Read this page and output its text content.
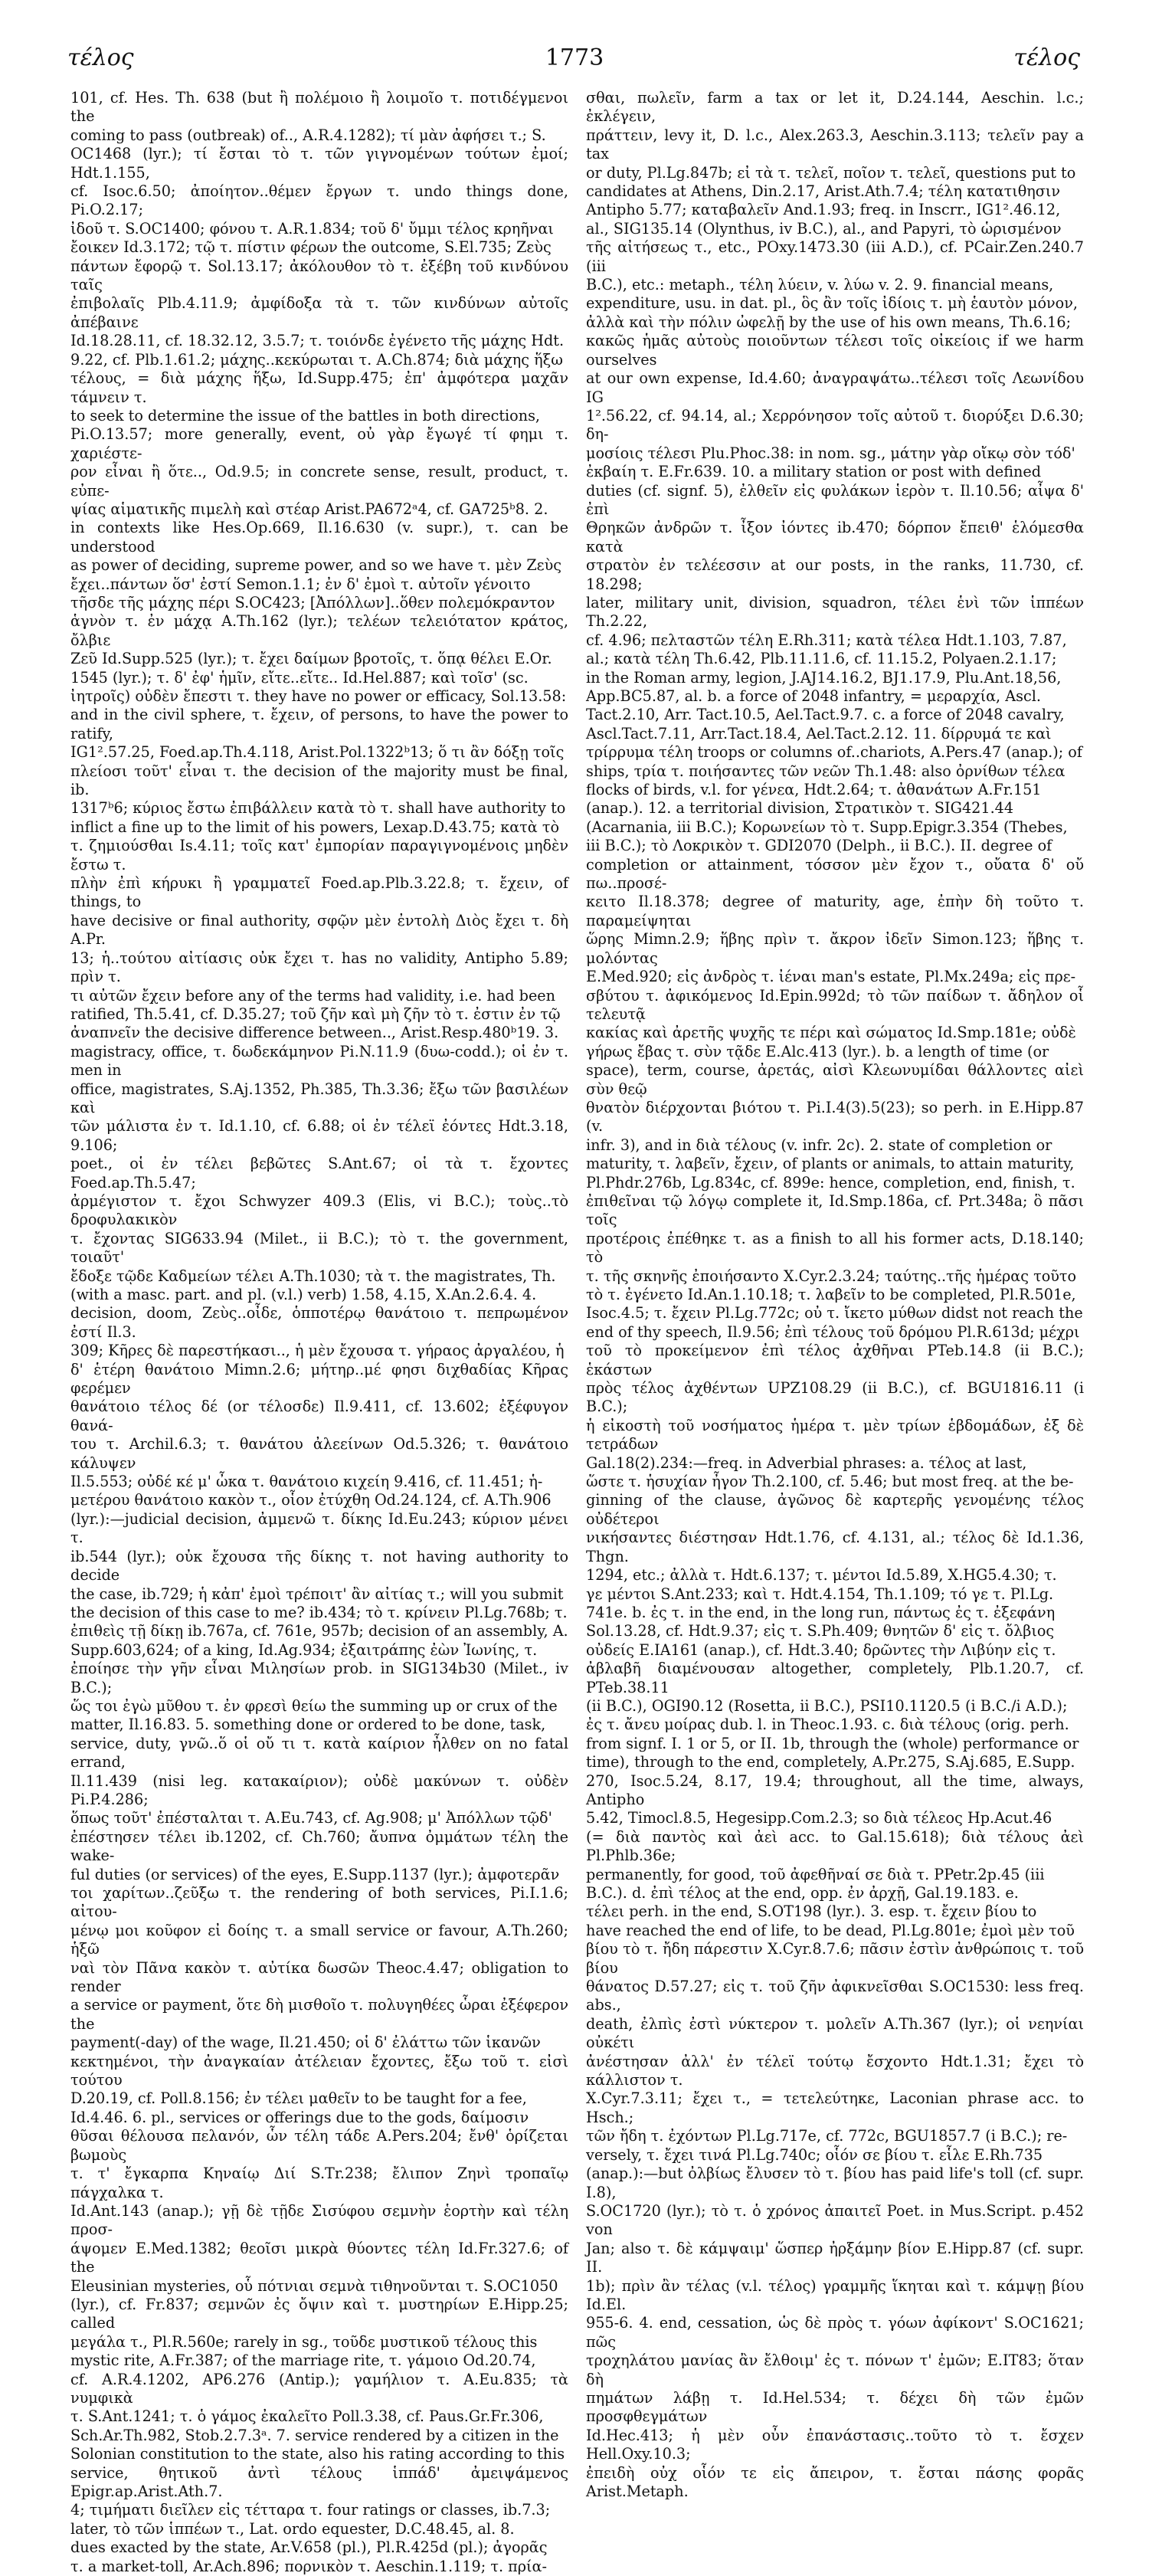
1773
τέλος	τέλος

101, cf. Hes. Th. 638 (but ἢ πολέμοιο ἢ λοιμοῖο τ. ποτιδέγμενοι the

coming to pass (outbreak) of.., A.R.4.1282); τί μὰν ἀφήσει τ.; S.

OC1468 (lyr.); τί ἔσται τὸ τ. τῶν γιγνομένων τούτων ἐμοί; Hdt.1.155,

cf. Isoc.6.50; ἀποίητον..θέμεν ἔργων τ. undo things done, Pi.O.2.17;

ἰδοῦ τ. S.OC1400; φόνου τ. A.R.1.834; τοῦ δ' ὔμμι τέλος κρηῆναι

ἔοικεν Id.3.172; τῷ τ. πίστιν φέρων the outcome, S.El.735; Ζεὺς

πάντων ἔφορῷ τ. Sol.13.17; ἀκόλουθον τὸ τ. ἐξέβη τοῦ κινδύνου ταῖς

ἐπιβολαῖς Plb.4.11.9; ἀμφίδοξα τὰ τ. τῶν κινδύνων αὐτοῖς ἀπέβαινε

Id.18.28.11, cf. 18.32.12, 3.5.7; τ. τοιόνδε ἐγένετο τῆς μάχης Hdt.

9.22, cf. Plb.1.61.2; μάχης..κεκύρωται τ. A.Ch.874; διὰ μάχης ἥξω

τέλους, = διὰ μάχης ἥξω, Id.Supp.475; ἐπ' ἀμφότερα μαχᾶν τάμνειν τ.

to seek to determine the issue of the battles in both directions,

Pi.O.13.57; more generally, event, οὐ γὰρ ἔγωγέ τί φημι τ. χαριέστε-

ρον εἶναι ἢ ὅτε.., Od.9.5; in concrete sense, result, product, τ. εὐπε-

ψίας αἱματικῆς πιμελὴ καὶ στέαρ Arist.PA672ᵃ4, cf. GA725ᵇ8. 2.

in contexts like Hes.Op.669, Il.16.630 (v. supr.), τ. can be understood

as power of deciding, supreme power, and so we have τ. μὲν Ζεὺς

ἔχει..πάντων ὅσ' ἐστί Semon.1.1; ἐν δ' ἐμοὶ τ. αὐτοῖν γένοιτο

τῆσδε τῆς μάχης πέρι S.OC423; [Ἀπόλλων]..ὅθεν πολεμόκραντον

ἁγνὸν τ. ἐν μάχᾳ A.Th.162 (lyr.); τελέων τελειότατον κράτος, ὄλβιε

Ζεῦ Id.Supp.525 (lyr.); τ. ἔχει δαίμων βροτοῖς, τ. ὅπᾳ θέλει E.Or.

1545 (lyr.); τ. δ' ἐφ' ἡμῖν, εἴτε..εἴτε.. Id.Hel.887; καὶ τοῖσ' (sc.

ἰητροῖς) οὐδὲν ἔπεστι τ. they have no power or efficacy, Sol.13.58:

and in the civil sphere, τ. ἔχειν, of persons, to have the power to ratify,

IG1².57.25, Foed.ap.Th.4.118, Arist.Pol.1322ᵇ13; ὅ τι ἂν δόξῃ τοῖς

πλείοσι τοῦτ' εἶναι τ. the decision of the majority must be final, ib.

1317ᵇ6; κύριος ἔστω ἐπιβάλλειν κατὰ τὸ τ. shall have authority to

inflict a fine up to the limit of his powers, Lexap.D.43.75; κατὰ τὸ

τ. ζημιούσθαι Is.4.11; τοῖς κατ' ἐμπορίαν παραγιγνομένοις μηδὲν ἔστω τ.

πλὴν ἐπὶ κήρυκι ἢ γραμματεῖ Foed.ap.Plb.3.22.8; τ. ἔχειν, of things, to

have decisive or final authority, σφῷν μὲν ἐντολὴ Διὸς ἔχει τ. δὴ A.Pr.

13; ἡ..τούτου αἰτίασις οὐκ ἔχει τ. has no validity, Antipho 5.89; πρὶν τ.

τι αὐτῶν ἔχειν before any of the terms had validity, i.e. had been

ratified, Th.5.41, cf. D.35.27; τοῦ ζῆν καὶ μὴ ζῆν τὸ τ. ἐστιν ἐν τῷ

ἀναπνεῖν the decisive difference between.., Arist.Resp.480ᵇ19. 3.

magistracy, office, τ. δωδεκάμηνον Pi.N.11.9 (δυω-codd.); οἱ ἐν τ. men in

office, magistrates, S.Aj.1352, Ph.385, Th.3.36; ἔξω τῶν βασιλέων καὶ

τῶν μάλιστα ἐν τ. Id.1.10, cf. 6.88; οἱ ἐν τέλεϊ ἐόντες Hdt.3.18, 9.106;

poet., οἱ ἐν τέλει βεβῶτες S.Ant.67; οἱ τὰ τ. ἔχοντες Foed.ap.Th.5.47;

ἀρμέγιστον τ. ἔχοι Schwyzer 409.3 (Elis, vi B.C.); τοὺς..τὸ δροφυλακικὸν

τ. ἔχοντας SIG633.94 (Milet., ii B.C.); τὸ τ. the government, τοιαῦτ'

ἔδοξε τῷδε Καδμείων τέλει A.Th.1030; τὰ τ. the magistrates, Th.

(with a masc. part. and pl. (v.l.) verb) 1.58, 4.15, X.An.2.6.4. 4.

decision, doom, Ζεὺς..οἶδε, ὁπποτέρῳ θανάτοιο τ. πεπρωμένον ἐστί Il.3.

309; Κῆρες δὲ παρεστήκασι.., ἡ μὲν ἔχουσα τ. γήραος ἀργαλέου, ἡ

δ' ἑτέρη θανάτοιο Mimn.2.6; μήτηρ..μέ φησι διχθαδίας Κῆρας φερέμεν

θανάτοιο τέλος δέ (or τέλοσδε) Il.9.411, cf. 13.602; ἐξέφυγον θανά-

του τ. Archil.6.3; τ. θανάτου ἀλεείνων Od.5.326; τ. θανάτοιο κάλυψεν

Il.5.553; οὐδέ κέ μ' ὦκα τ. θανάτοιο κιχείη 9.416, cf. 11.451; ἡ-

μετέρου θανάτοιο κακὸν τ., οἷον ἐτύχθη Od.24.124, cf. A.Th.906

(lyr.):—judicial decision, ἀμμενῶ τ. δίκης Id.Eu.243; κύριον μένει τ.

ib.544 (lyr.); οὐκ ἔχουσα τῆς δίκης τ. not having authority to decide

the case, ib.729; ἡ κἀπ' ἐμοὶ τρέποιτ' ἂν αἰτίας τ.; will you submit

the decision of this case to me? ib.434; τὸ τ. κρίνειν Pl.Lg.768b; τ.

ἐπιθεὶς τῇ δίκῃ ib.767a, cf. 761e, 957b; decision of an assembly, A.

Supp.603,624; of a king, Id.Ag.934; ἐξαιτράπης ἐὼν Ἰωνίης, τ.

ἐποίησε τὴν γῆν εἶναι Μιλησίων prob. in SIG134b30 (Milet., iv B.C.);

ὥς τοι ἐγὼ μῦθου τ. ἐν φρεσὶ θείω the summing up or crux of the

matter, Il.16.83. 5. something done or ordered to be done, task,

service, duty, γνῶ..ὅ οἱ οὔ τι τ. κατὰ καίριον ἦλθεν on no fatal errand,

Il.11.439 (nisi leg. κατακαίριον); οὐδὲ μακύνων τ. οὐδὲν Pi.P.4.286;

ὅπως τοῦτ' ἐπέσταλται τ. A.Eu.743, cf. Ag.908; μ' Ἀπόλλων τῷδ'

ἐπέστησεν τέλει ib.1202, cf. Ch.760; ἄυπνα ὀμμάτων τέλη the wake-

ful duties (or services) of the eyes, E.Supp.1137 (lyr.); ἀμφοτερᾶν

τοι χαρίτων..ζεῦξω τ. the rendering of both services, Pi.I.1.6; αἰτου-

μένῳ μοι κοῦφον εἰ δοίης τ. a small service or favour, A.Th.260; ἡξῶ

ναὶ τὸν Πᾶνα κακὸν τ. αὐτίκα δωσῶν Theoc.4.47; obligation to render

a service or payment, ὅτε δὴ μισθοῖο τ. πολυγηθέες ὧραι ἐξέφερον the

payment(-day) of the wage, Il.21.450; οἱ δ' ἐλάττω τῶν ἱκανῶν

κεκτημένοι, τὴν ἀναγκαίαν ἀτέλειαν ἔχοντες, ἔξω τοῦ τ. εἰσὶ τούτου

D.20.19, cf. Poll.8.156; ἐν τέλει μαθεῖν to be taught for a fee,

Id.4.46. 6. pl., services or offerings due to the gods, δαίμοσιν

θῦσαι θέλουσα πελανόν, ὧν τέλη τάδε A.Pers.204; ἔνθ' ὁρίζεται βωμοὺς

τ. τ' ἔγκαρπα Κηναίῳ Διί S.Tr.238; ἔλιπον Ζηνὶ τροπαῖῳ πάγχαλκα τ.

Id.Ant.143 (anap.); γῇ δὲ τῇδε Σισύφου σεμνὴν ἑορτὴν καὶ τέλη προσ-

άψομεν E.Med.1382; θεοῖσι μικρὰ θύοντες τέλη Id.Fr.327.6; of the

Eleusinian mysteries, οὗ πότνιαι σεμνὰ τιθηνοῦνται τ. S.OC1050

(lyr.), cf. Fr.837; σεμνῶν ἐς ὄψιν καὶ τ. μυστηρίων E.Hipp.25; called

μεγάλα τ., Pl.R.560e; rarely in sg., τοῦδε μυστικοῦ τέλους this

mystic rite, A.Fr.387; of the marriage rite, τ. γάμοιο Od.20.74,

cf. A.R.4.1202, AP6.276 (Antip.); γαμήλιον τ. A.Eu.835; τὰ νυμφικὰ

τ. S.Ant.1241; τ. ὁ γάμος ἐκαλεῖτο Poll.3.38, cf. Paus.Gr.Fr.306,

Sch.Ar.Th.982, Stob.2.7.3ᵃ. 7. service rendered by a citizen in the

Solonian constitution to the state, also his rating according to this

service, θητικοῦ ἀντὶ τέλους ἱππάδ' ἀμειψάμενος Epigr.ap.Arist.Ath.7.

4; τιμήματι διεῖλεν εἰς τέτταρα τ. four ratings or classes, ib.7.3;

later, τὸ τῶν ἱππέων τ., Lat. ordo equester, D.C.48.45, al. 8.

dues exacted by the state, Ar.V.658 (pl.), Pl.R.425d (pl.); ἀγορᾶς

τ. a market-toll, Ar.Ach.896; πορνικὸν τ. Aeschin.1.119; τ. πρία-

σθαι, πωλεῖν, farm a tax or let it, D.24.144, Aeschin. l.c.; ἐκλέγειν,

πράττειν, levy it, D. l.c., Alex.263.3, Aeschin.3.113; τελεῖν pay a tax

or duty, Pl.Lg.847b; εἰ τὰ τ. τελεῖ, ποῖον τ. τελεῖ, questions put to

candidates at Athens, Din.2.17, Arist.Ath.7.4; τέλη κατατιθησιν

Antipho 5.77; καταβαλεῖν And.1.93; freq. in Inscrr., IG1².46.12,

al., SIG135.14 (Olynthus, iv B.C.), al., and Papyri, τὸ ὡρισμένον

τῆς αἰτήσεως τ., etc., POxy.1473.30 (iii A.D.), cf. PCair.Zen.240.7 (iii

B.C.), etc.: metaph., τέλη λύειν, v. λύω v. 2. 9. financial means,

expenditure, usu. in dat. pl., ὃς ἂν τοῖς ἰδίοις τ. μὴ ἑαυτὸν μόνον,

ἀλλὰ καὶ τὴν πόλιν ὠφελῇ by the use of his own means, Th.6.16;

κακῶς ἡμᾶς αὐτοὺς ποιοῦντων τέλεσι τοῖς οἰκείοις if we harm ourselves

at our own expense, Id.4.60; ἀναγραψάτω..τέλεσι τοῖς Λεωνίδου IG

1².56.22, cf. 94.14, al.; Χερρόνησον τοῖς αὐτοῦ τ. διορύξει D.6.30; δη-

μοσίοις τέλεσι Plu.Phoc.38: in nom. sg., μάτην γὰρ οἴκῳ σὸν τόδ'

ἐκβαίη τ. E.Fr.639. 10. a military station or post with defined

duties (cf. signf. 5), ἐλθεῖν εἰς φυλάκων ἱερὸν τ. Il.10.56; αἶψα δ' ἐπὶ

Θρηκῶν ἀνδρῶν τ. ἶξον ἰόντες ib.470; δόρπον ἔπειθ' ἑλόμεσθα κατὰ

στρατὸν ἐν τελέεσσιν at our posts, in the ranks, 11.730, cf. 18.298;

later, military unit, division, squadron, τέλει ἑνὶ τῶν ἱππέων Th.2.22,

cf. 4.96; πελταστῶν τέλη E.Rh.311; κατὰ τέλεα Hdt.1.103, 7.87,

al.; κατὰ τέλη Th.6.42, Plb.11.11.6, cf. 11.15.2, Polyaen.2.1.17;

in the Roman army, legion, J.AJ14.16.2, BJ1.17.9, Plu.Ant.18,56,

App.BC5.87, al. b. a force of 2048 infantry, = μεραρχία, Ascl.

Tact.2.10, Arr. Tact.10.5, Ael.Tact.9.7. c. a force of 2048 cavalry,

Ascl.Tact.7.11, Arr.Tact.18.4, Ael.Tact.2.12. 11. δίρρυμά τε καὶ

τρίρρυμα τέλη troops or columns of..chariots, A.Pers.47 (anap.); of

ships, τρία τ. ποιήσαντες τῶν νεῶν Th.1.48: also ὀρνίθων τέλεα

flocks of birds, v.l. for γένεα, Hdt.2.64; τ. ἀθανάτων A.Fr.151

(anap.). 12. a territorial division, Στρατικὸν τ. SIG421.44

(Acarnania, iii B.C.); Κορωνείων τὸ τ. Supp.Epigr.3.354 (Thebes,

iii B.C.); τὸ Λοκρικὸν τ. GDI2070 (Delph., ii B.C.). II. degree of

completion or attainment, τόσσον μὲν ἔχον τ., οὔατα δ' οὔ πω..προσέ-

κειτο Il.18.378; degree of maturity, age, ἐπὴν δὴ τοῦτο τ. παραμείψηται

ὥρης Mimn.2.9; ἥβης πρὶν τ. ἄκρον ἰδεῖν Simon.123; ἥβης τ. μολόντας

E.Med.920; εἰς ἀνδρὸς τ. ἰέναι man's estate, Pl.Mx.249a; εἰς πρε-

σβύτου τ. ἀφικόμενος Id.Epin.992d; τὸ τῶν παίδων τ. ἄδηλον οἷ τελευτᾷ

κακίας καὶ ἀρετῆς ψυχῆς τε πέρι καὶ σώματος Id.Smp.181e; οὐδὲ

γήρως ἔβας τ. σὺν τᾷδε E.Alc.413 (lyr.). b. a length of time (or

space), term, course, ἀρετάς, αἰσὶ Κλεωνυμίδαι θάλλοντες αἰεὶ σὺν θεῷ

θνατὸν διέρχονται βιότου τ. Pi.I.4(3).5(23); so perh. in E.Hipp.87 (v.

infr. 3), and in διὰ τέλους (v. infr. 2c). 2. state of completion or

maturity, τ. λαβεῖν, ἔχειν, of plants or animals, to attain maturity,

Pl.Phdr.276b, Lg.834c, cf. 899e: hence, completion, end, finish, τ.

ἐπιθεῖναι τῷ λόγῳ complete it, Id.Smp.186a, cf. Prt.348a; ὃ πᾶσι τοῖς

προτέροις ἐπέθηκε τ. as a finish to all his former acts, D.18.140; τὸ

τ. τῆς σκηνῆς ἐποιήσαντο X.Cyr.2.3.24; ταύτης..τῆς ἡμέρας τοῦτο

τὸ τ. ἐγένετο Id.An.1.10.18; τ. λαβεῖν to be completed, Pl.R.501e,

Isoc.4.5; τ. ἔχειν Pl.Lg.772c; οὐ τ. ἴκετο μύθων didst not reach the

end of thy speech, Il.9.56; ἐπὶ τέλους τοῦ δρόμου Pl.R.613d; μέχρι

τοῦ τὸ προκείμενον ἐπὶ τέλος ἀχθῆναι PTeb.14.8 (ii B.C.); ἑκάστων

πρὸς τέλος ἀχθέντων UPZ108.29 (ii B.C.), cf. BGU1816.11 (i B.C.);

ἡ εἰκοστὴ τοῦ νοσήματος ἡμέρα τ. μὲν τρίων ἑβδομάδων, ἐξ δὲ τετράδων

Gal.18(2).234:—freq. in Adverbial phrases: a. τέλος at last,

ὥστε τ. ἡσυχίαν ἦγον Th.2.100, cf. 5.46; but most freq. at the be-

ginning of the clause, ἀγῶνος δὲ καρτερῆς γενομένης τέλος οὐδέτεροι

νικήσαντες διέστησαν Hdt.1.76, cf. 4.131, al.; τέλος δὲ Id.1.36, Thgn.

1294, etc.; ἀλλὰ τ. Hdt.6.137; τ. μέντοι Id.5.89, X.HG5.4.30; τ.

γε μέντοι S.Ant.233; καὶ τ. Hdt.4.154, Th.1.109; τό γε τ. Pl.Lg.

741e. b. ἐς τ. in the end, in the long run, πάντως ἐς τ. ἐξεφάνη

Sol.13.28, cf. Hdt.9.37; εἰς τ. S.Ph.409; θνητῶν δ' εἰς τ. ὄλβιος

οὐδείς E.IA161 (anap.), cf. Hdt.3.40; δρῶντες τὴν Λιβύην εἰς τ.

ἀβλαβῆ διαμένουσαν altogether, completely, Plb.1.20.7, cf. PTeb.38.11

(ii B.C.), OGI90.12 (Rosetta, ii B.C.), PSI10.1120.5 (i B.C./i A.D.);

ἐς τ. ἄνευ μοίρας dub. l. in Theoc.1.93. c. διὰ τέλους (orig. perh.

from signf. I. 1 or 5, or II. 1b, through the (whole) performance or

time), through to the end, completely, A.Pr.275, S.Aj.685, E.Supp.

270, Isoc.5.24, 8.17, 19.4; throughout, all the time, always, Antipho

5.42, Timocl.8.5, Hegesipp.Com.2.3; so διὰ τέλεος Hp.Acut.46

(= διὰ παντὸς καὶ ἀεὶ acc. to Gal.15.618); διὰ τέλους ἀεὶ Pl.Phlb.36e;

permanently, for good, τοῦ ἀφεθῆναί σε διὰ τ. PPetr.2p.45 (iii

B.C.). d. ἐπὶ τέλος at the end, opp. ἐν ἀρχῇ, Gal.19.183. e.

τέλει perh. in the end, S.OT198 (lyr.). 3. esp. τ. ἔχειν βίου to

have reached the end of life, to be dead, Pl.Lg.801e; ἐμοὶ μὲν τοῦ

βίου τὸ τ. ἤδη πάρεστιν X.Cyr.8.7.6; πᾶσιν ἐστὶν ἀνθρώποις τ. τοῦ βίου

θάνατος D.57.27; εἰς τ. τοῦ ζῆν ἀφικνεῖσθαι S.OC1530: less freq. abs.,

death, ἐλπὶς ἐστὶ νύκτερον τ. μολεῖν A.Th.367 (lyr.); οἱ νεηνίαι οὐκέτι

ἀνέστησαν ἀλλ' ἐν τέλεϊ τούτῳ ἔσχοντο Hdt.1.31; ἔχει τὸ κάλλιστον τ.

X.Cyr.7.3.11; ἔχει τ., = τετελεύτηκε, Laconian phrase acc. to Hsch.;

τῶν ἤδη τ. ἐχόντων Pl.Lg.717e, cf. 772c, BGU1857.7 (i B.C.); re-

versely, τ. ἔχει τινά Pl.Lg.740c; οἷόν σε βίου τ. εἷλε E.Rh.735

(anap.):—but ὀλβίως ἔλυσεν τὸ τ. βίου has paid life's toll (cf. supr. I.8),

S.OC1720 (lyr.); τὸ τ. ὁ χρόνος ἀπαιτεῖ Poet. in Mus.Script. p.452 von

Jan; also τ. δὲ κάμψαιμ' ὥσπερ ἠρξάμην βίον E.Hipp.87 (cf. supr. II.

1b); πρὶν ἂν τέλας (v.l. τέλος) γραμμῆς ἵκηται καὶ τ. κάμψῃ βίου Id.El.

955-6. 4. end, cessation, ὡς δὲ πρὸς τ. γόων ἀφίκοντ' S.OC1621; πῶς

τροχηλάτου μανίας ἂν ἔλθοιμ' ἐς τ. πόνων τ' ἐμῶν; E.IT83; ὅταν δὴ

πημάτων λάβῃ τ. Id.Hel.534; τ. δέχει δὴ τῶν ἐμῶν προσφθεγμάτων

Id.Hec.413; ἡ μὲν οὖν ἐπανάστασις..τοῦτο τὸ τ. ἔσχεν Hell.Oxy.10.3;

ἐπειδὴ οὐχ οἷόν τε εἰς ἄπειρον, τ. ἔσται πάσης φορᾶς Arist.Metaph.
